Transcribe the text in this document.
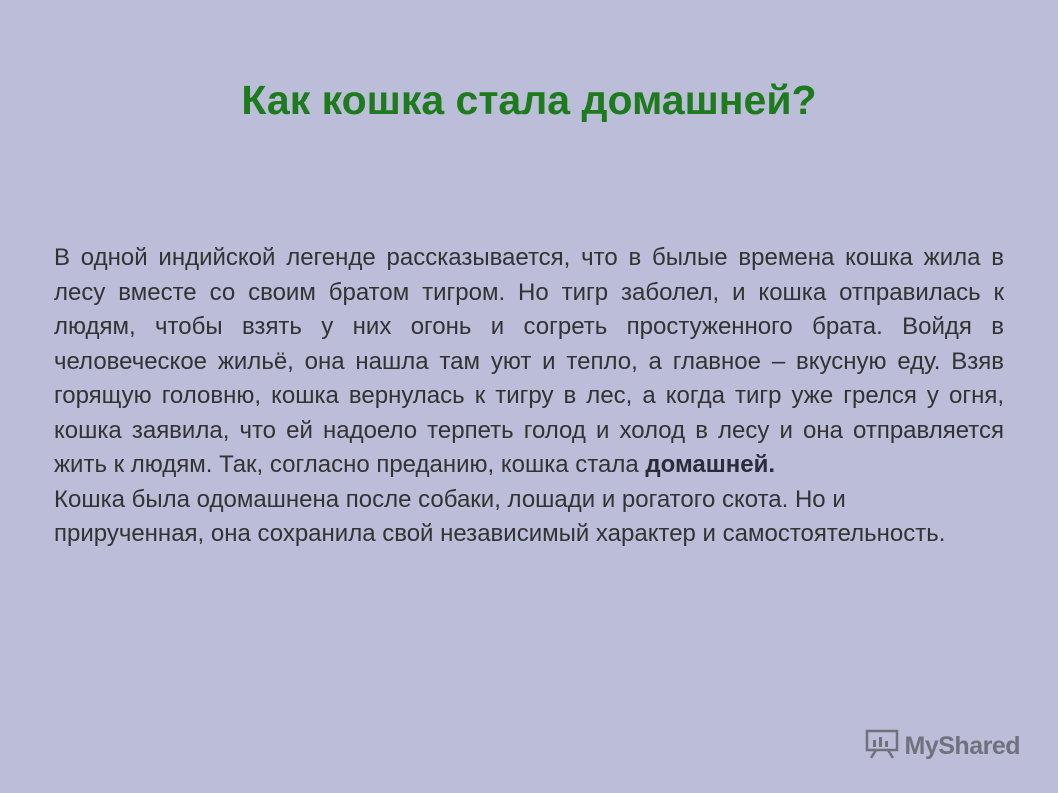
Как кошка стала домашней?

В одной индийской легенде рассказывается, что в былые времена кошка жила в лесу вместе со своим братом тигром. Но тигр заболел, и кошка отправилась к людям, чтобы взять у них огонь и согреть простуженного брата. Войдя в человеческое жильё, она нашла там уют и тепло, а главное – вкусную еду. Взяв горящую головню, кошка вернулась к тигру в лес, а когда тигр уже грелся у огня, кошка заявила, что ей надоело терпеть голод и холод в лесу и она отправляется жить к людям. Так, согласно преданию, кошка стала домашней.

Кошка была одомашнена после собаки, лошади и рогатого скота. Но и прирученная, она сохранила свой независимый характер и самостоятельность.

MyShared
